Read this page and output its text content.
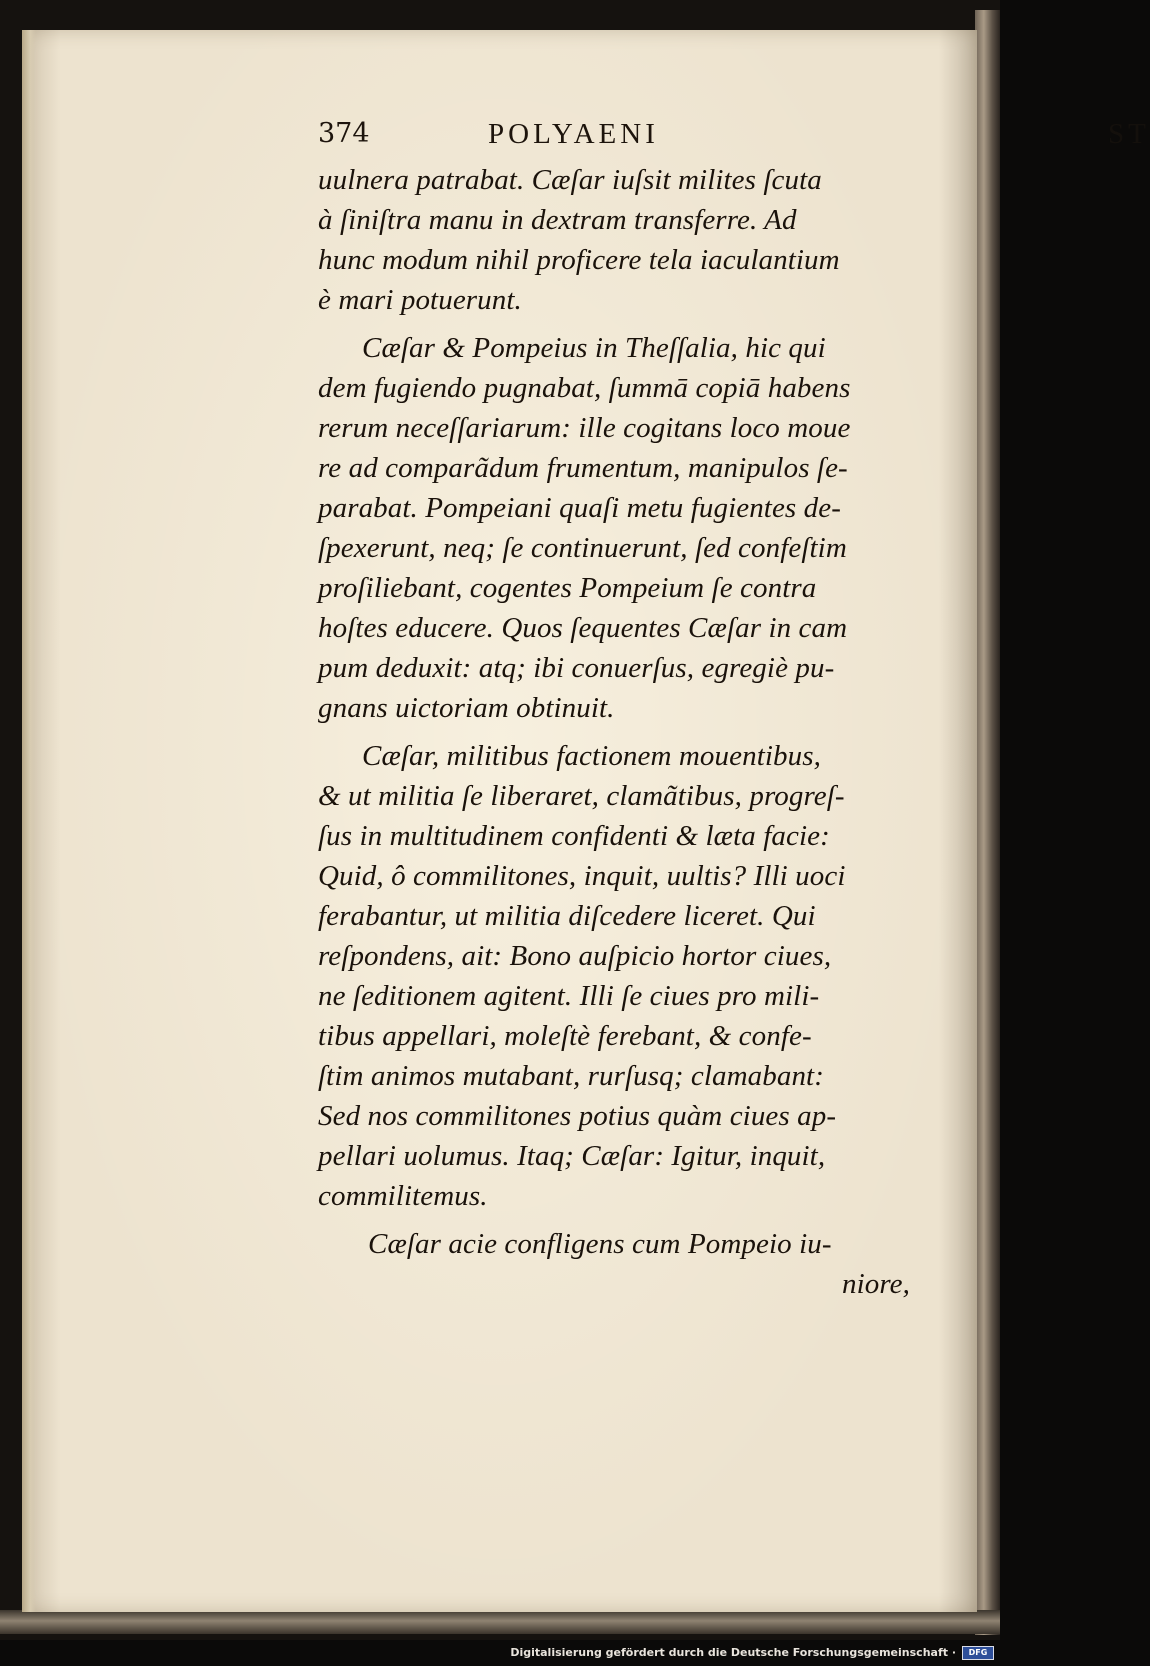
374	POLYAENI	ST
uulnera patrabat. Cæſar iuſsit milites ſcuta
à ſiniſtra manu in dextram transferre. Ad
hunc modum nihil proficere tela iaculantium
è mari potuerunt.
Cæſar & Pompeius in Theſſalia, hic qui
dem fugiendo pugnabat, ſummā copiā habens
rerum neceſſariarum: ille cogitans loco moue
re ad comparãdum frumentum, manipulos ſe-
parabat. Pompeiani quaſi metu fugientes de-
ſpexerunt, neq; ſe continuerunt, ſed confeſtim
proſiliebant, cogentes Pompeium ſe contra
hoſtes educere. Quos ſequentes Cæſar in cam
pum deduxit: atq; ibi conuerſus, egregiè pu-
gnans uictoriam obtinuit.
Cæſar, militibus factionem mouentibus,
& ut militia ſe liberaret, clamãtibus, progreſ-
ſus in multitudinem confidenti & læta facie:
Quid, ô commilitones, inquit, uultis? Illi uoci
ferabantur, ut militia diſcedere liceret. Qui
reſpondens, ait: Bono auſpicio hortor ciues,
ne ſeditionem agitent. Illi ſe ciues pro mili-
tibus appellari, moleſtè ferebant, & confe-
ſtim animos mutabant, rurſusq; clamabant:
Sed nos commilitones potius quàm ciues ap-
pellari uolumus. Itaq; Cæſar: Igitur, inquit,
commilitemus.
Cæſar acie confligens cum Pompeio iu-
niore,
Digitalisierung gefördert durch die Deutsche Forschungsgemeinschaft ·	DFG
